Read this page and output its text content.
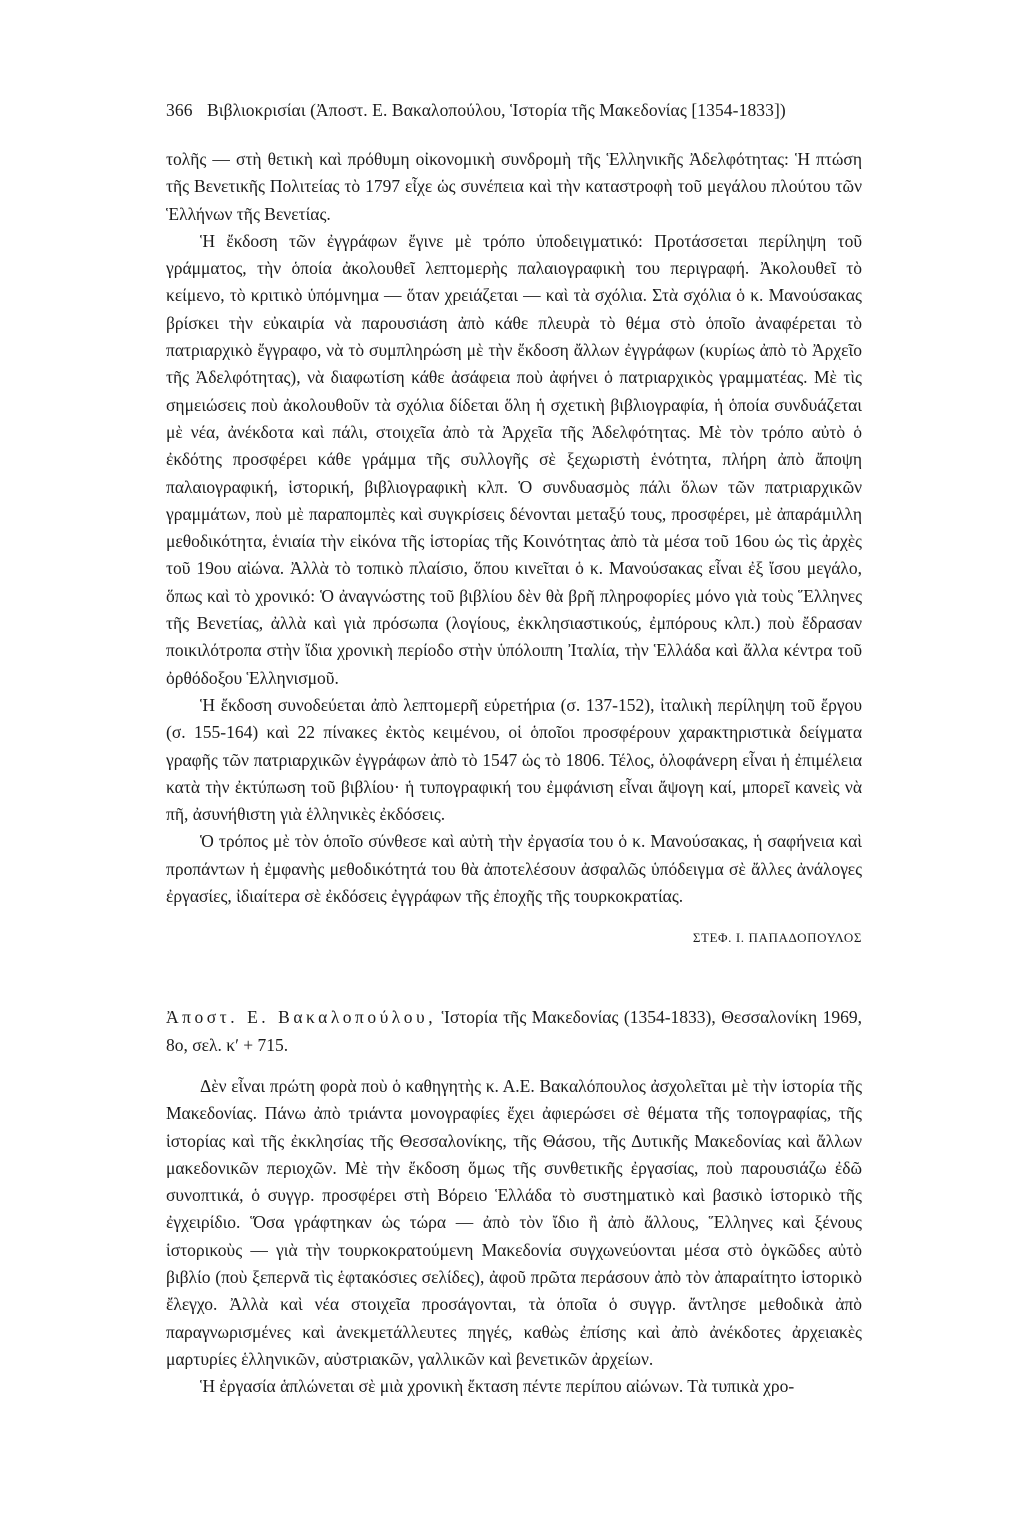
366 Βιβλιοκρισίαι (Ἀποστ. Ε. Βακαλοπούλου, Ἱστορία τῆς Μακεδονίας [1354-1833])

τολῆς — στὴ θετικὴ καὶ πρόθυμη οἰκονομικὴ συνδρομὴ τῆς Ἑλληνικῆς Ἀδελφότητας: Ἡ πτώση τῆς Βενετικῆς Πολιτείας τὸ 1797 εἶχε ὡς συνέπεια καὶ τὴν καταστροφὴ τοῦ μεγάλου πλούτου τῶν Ἑλλήνων τῆς Βενετίας.

Ἡ ἔκδοση τῶν ἐγγράφων ἔγινε μὲ τρόπο ὑποδειγματικό: Προτάσσεται περίληψη τοῦ γράμματος, τὴν ὁποία ἀκολουθεῖ λεπτομερὴς παλαιογραφικὴ του περιγραφή. Ἀκολουθεῖ τὸ κείμενο, τὸ κριτικὸ ὑπόμνημα — ὅταν χρειάζεται — καὶ τὰ σχόλια. Στὰ σχόλια ὁ κ. Μανούσακας βρίσκει τὴν εὐκαιρία νὰ παρουσιάση ἀπὸ κάθε πλευρὰ τὸ θέμα στὸ ὁποῖο ἀναφέρεται τὸ πατριαρχικὸ ἔγγραφο, νὰ τὸ συμπληρώση μὲ τὴν ἔκδοση ἄλλων ἐγγράφων (κυρίως ἀπὸ τὸ Ἀρχεῖο τῆς Ἀδελφότητας), νὰ διαφωτίση κάθε ἀσάφεια ποὺ ἀφήνει ὁ πατριαρχικὸς γραμματέας. Μὲ τὶς σημειώσεις ποὺ ἀκολουθοῦν τὰ σχόλια δίδεται ὅλη ἡ σχετικὴ βιβλιογραφία, ἡ ὁποία συνδυάζεται μὲ νέα, ἀνέκδοτα καὶ πάλι, στοιχεῖα ἀπὸ τὰ Ἀρχεῖα τῆς Ἀδελφότητας. Μὲ τὸν τρόπο αὐτὸ ὁ ἐκδότης προσφέρει κάθε γράμμα τῆς συλλογῆς σὲ ξεχωριστὴ ἑνότητα, πλήρη ἀπὸ ἄποψη παλαιογραφική, ἱστορική, βιβλιογραφικὴ κλπ. Ὁ συνδυασμὸς πάλι ὅλων τῶν πατριαρχικῶν γραμμάτων, ποὺ μὲ παραπομπὲς καὶ συγκρίσεις δένονται μεταξύ τους, προσφέρει, μὲ ἀπαράμιλλη μεθοδικότητα, ἑνιαία τὴν εἰκόνα τῆς ἱστορίας τῆς Κοινότητας ἀπὸ τὰ μέσα τοῦ 16ου ὡς τὶς ἀρχὲς τοῦ 19ου αἰώνα. Ἀλλὰ τὸ τοπικὸ πλαίσιο, ὅπου κινεῖται ὁ κ. Μανούσακας εἶναι ἐξ ἴσου μεγάλο, ὅπως καὶ τὸ χρονικό: Ὁ ἀναγνώστης τοῦ βιβλίου δὲν θὰ βρῆ πληροφορίες μόνο γιὰ τοὺς Ἕλληνες τῆς Βενετίας, ἀλλὰ καὶ γιὰ πρόσωπα (λογίους, ἐκκλησιαστικούς, ἐμπόρους κλπ.) ποὺ ἔδρασαν ποικιλότροπα στὴν ἴδια χρονικὴ περίοδο στὴν ὑπόλοιπη Ἰταλία, τὴν Ἑλλάδα καὶ ἄλλα κέντρα τοῦ ὀρθόδοξου Ἑλληνισμοῦ.

Ἡ ἔκδοση συνοδεύεται ἀπὸ λεπτομερῆ εὑρετήρια (σ. 137-152), ἰταλικὴ περίληψη τοῦ ἔργου (σ. 155-164) καὶ 22 πίνακες ἐκτὸς κειμένου, οἱ ὁποῖοι προσφέρουν χαρακτηριστικὰ δείγματα γραφῆς τῶν πατριαρχικῶν ἐγγράφων ἀπὸ τὸ 1547 ὡς τὸ 1806. Τέλος, ὁλοφάνερη εἶναι ἡ ἐπιμέλεια κατὰ τὴν ἐκτύπωση τοῦ βιβλίου· ἡ τυπογραφική του ἐμφάνιση εἶναι ἄψογη καί, μπορεῖ κανεὶς νὰ πῆ, ἀσυνήθιστη γιὰ ἑλληνικὲς ἐκδόσεις.

Ὁ τρόπος μὲ τὸν ὁποῖο σύνθεσε καὶ αὐτὴ τὴν ἐργασία του ὁ κ. Μανούσακας, ἡ σαφήνεια καὶ προπάντων ἡ ἐμφανὴς μεθοδικότητά του θὰ ἀποτελέσουν ἀσφαλῶς ὑπόδειγμα σὲ ἄλλες ἀνάλογες ἐργασίες, ἰδιαίτερα σὲ ἐκδόσεις ἐγγράφων τῆς ἐποχῆς τῆς τουρκοκρατίας.

ΣΤΕΦ. Ι. ΠΑΠΑΔΟΠΟΥΛΟΣ

Ἀποστ. Ε. Βακαλοπούλου, Ἱστορία τῆς Μακεδονίας (1354-1833), Θεσσαλονίκη 1969, 8ο, σελ. κʹ + 715.

Δὲν εἶναι πρώτη φορὰ ποὺ ὁ καθηγητὴς κ. Α.Ε. Βακαλόπουλος ἀσχολεῖται μὲ τὴν ἱστορία τῆς Μακεδονίας. Πάνω ἀπὸ τριάντα μονογραφίες ἔχει ἀφιερώσει σὲ θέματα τῆς τοπογραφίας, τῆς ἱστορίας καὶ τῆς ἐκκλησίας τῆς Θεσσαλονίκης, τῆς Θάσου, τῆς Δυτικῆς Μακεδονίας καὶ ἄλλων μακεδονικῶν περιοχῶν. Μὲ τὴν ἔκδοση ὅμως τῆς συνθετικῆς ἐργασίας, ποὺ παρουσιάζω ἐδῶ συνοπτικά, ὁ συγγρ. προσφέρει στὴ Βόρειο Ἑλλάδα τὸ συστηματικὸ καὶ βασικὸ ἱστορικὸ τῆς ἐγχειρίδιο. Ὅσα γράφτηκαν ὡς τώρα — ἀπὸ τὸν ἴδιο ἢ ἀπὸ ἄλλους, Ἕλληνες καὶ ξένους ἱστορικοὺς — γιὰ τὴν τουρκοκρατούμενη Μακεδονία συγχωνεύονται μέσα στὸ ὀγκῶδες αὐτὸ βιβλίο (ποὺ ξεπερνᾶ τὶς ἑφτακόσιες σελίδες), ἀφοῦ πρῶτα περάσουν ἀπὸ τὸν ἀπαραίτητο ἱστορικὸ ἔλεγχο. Ἀλλὰ καὶ νέα στοιχεῖα προσάγονται, τὰ ὁποῖα ὁ συγγρ. ἄντλησε μεθοδικὰ ἀπὸ παραγνωρισμένες καὶ ἀνεκμετάλλευτες πηγές, καθὼς ἐπίσης καὶ ἀπὸ ἀνέκδοτες ἀρχειακὲς μαρτυρίες ἑλληνικῶν, αὐστριακῶν, γαλλικῶν καὶ βενετικῶν ἀρχείων.

Ἡ ἐργασία ἁπλώνεται σὲ μιὰ χρονικὴ ἔκταση πέντε περίπου αἰώνων. Τὰ τυπικὰ χρο-
